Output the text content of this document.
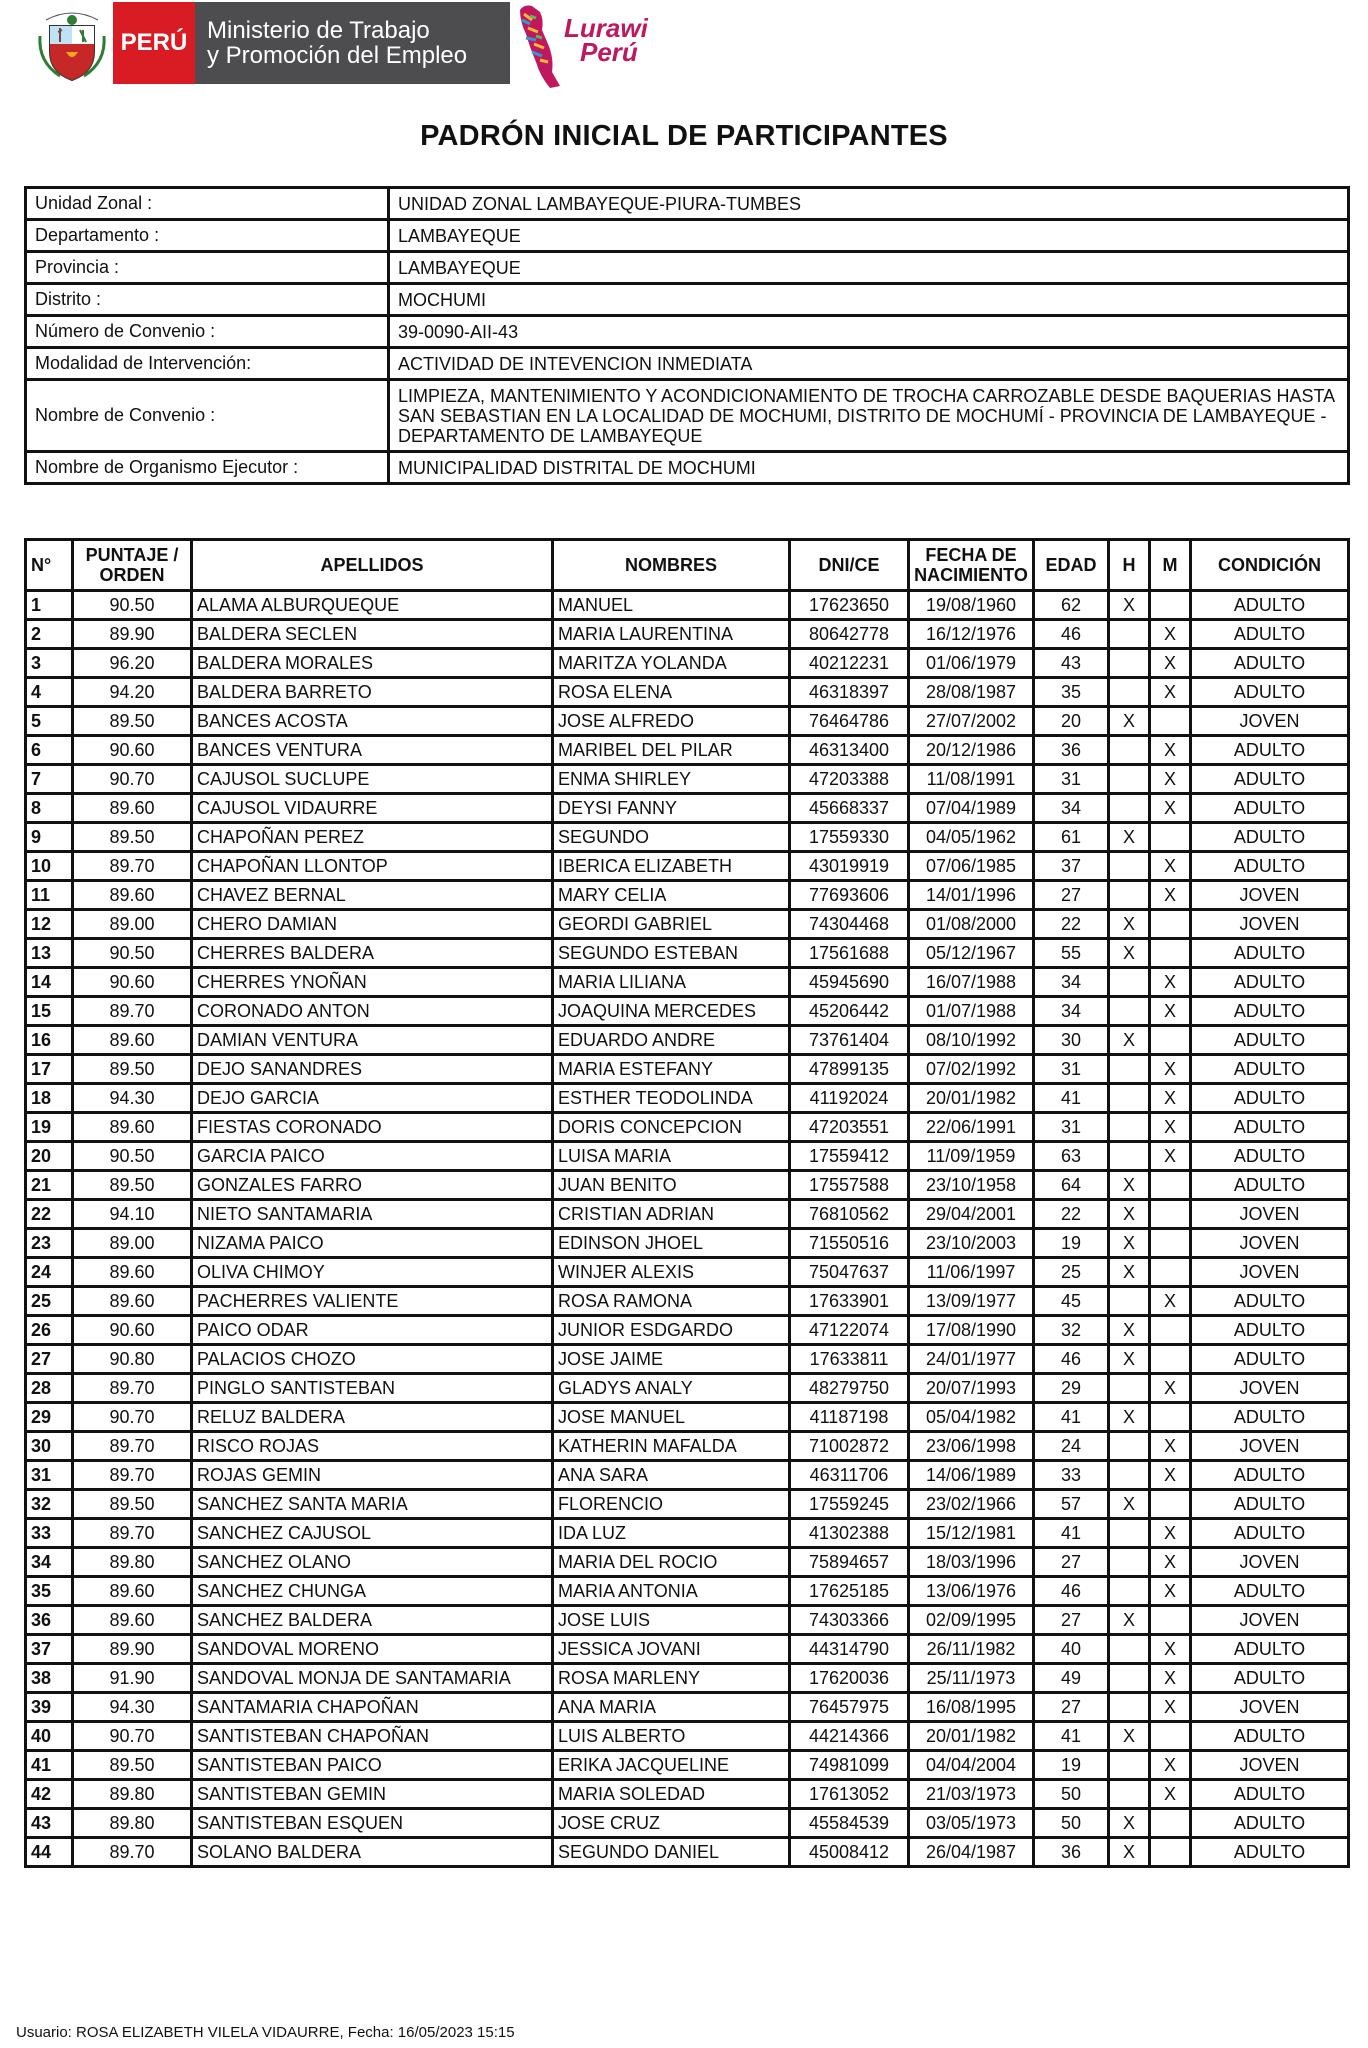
PERÚ Ministerio de Trabajo
y Promoción del Empleo
Lurawi
Perú
PADRÓN INICIAL DE PARTICIPANTES
Unidad Zonal :	UNIDAD ZONAL LAMBAYEQUE-PIURA-TUMBES
Departamento :	LAMBAYEQUE
Provincia :	LAMBAYEQUE
Distrito :	MOCHUMI
Número de Convenio :	39-0090-AII-43
Modalidad de Intervención:	ACTIVIDAD DE INTEVENCION INMEDIATA
Nombre de Convenio :	LIMPIEZA, MANTENIMIENTO Y ACONDICIONAMIENTO DE TROCHA CARROZABLE DESDE BAQUERIAS HASTA SAN SEBASTIAN EN LA LOCALIDAD DE MOCHUMI, DISTRITO DE MOCHUMÍ - PROVINCIA DE LAMBAYEQUE - DEPARTAMENTO DE LAMBAYEQUE
Nombre de Organismo Ejecutor :	MUNICIPALIDAD DISTRITAL DE MOCHUMI
N°	PUNTAJE / ORDEN	APELLIDOS	NOMBRES	DNI/CE	FECHA DE NACIMIENTO	EDAD	H	M	CONDICIÓN
1	90.50	ALAMA ALBURQUEQUE	MANUEL	17623650	19/08/1960	62	X		ADULTO
2	89.90	BALDERA SECLEN	MARIA LAURENTINA	80642778	16/12/1976	46		X	ADULTO
3	96.20	BALDERA MORALES	MARITZA YOLANDA	40212231	01/06/1979	43		X	ADULTO
4	94.20	BALDERA BARRETO	ROSA ELENA	46318397	28/08/1987	35		X	ADULTO
5	89.50	BANCES ACOSTA	JOSE ALFREDO	76464786	27/07/2002	20	X		JOVEN
6	90.60	BANCES VENTURA	MARIBEL DEL PILAR	46313400	20/12/1986	36		X	ADULTO
7	90.70	CAJUSOL SUCLUPE	ENMA SHIRLEY	47203388	11/08/1991	31		X	ADULTO
8	89.60	CAJUSOL VIDAURRE	DEYSI FANNY	45668337	07/04/1989	34		X	ADULTO
9	89.50	CHAPOÑAN PEREZ	SEGUNDO	17559330	04/05/1962	61	X		ADULTO
10	89.70	CHAPOÑAN LLONTOP	IBERICA ELIZABETH	43019919	07/06/1985	37		X	ADULTO
11	89.60	CHAVEZ BERNAL	MARY CELIA	77693606	14/01/1996	27		X	JOVEN
12	89.00	CHERO DAMIAN	GEORDI GABRIEL	74304468	01/08/2000	22	X		JOVEN
13	90.50	CHERRES BALDERA	SEGUNDO ESTEBAN	17561688	05/12/1967	55	X		ADULTO
14	90.60	CHERRES YNOÑAN	MARIA LILIANA	45945690	16/07/1988	34		X	ADULTO
15	89.70	CORONADO ANTON	JOAQUINA MERCEDES	45206442	01/07/1988	34		X	ADULTO
16	89.60	DAMIAN VENTURA	EDUARDO ANDRE	73761404	08/10/1992	30	X		ADULTO
17	89.50	DEJO SANANDRES	MARIA ESTEFANY	47899135	07/02/1992	31		X	ADULTO
18	94.30	DEJO GARCIA	ESTHER TEODOLINDA	41192024	20/01/1982	41		X	ADULTO
19	89.60	FIESTAS CORONADO	DORIS CONCEPCION	47203551	22/06/1991	31		X	ADULTO
20	90.50	GARCIA PAICO	LUISA MARIA	17559412	11/09/1959	63		X	ADULTO
21	89.50	GONZALES FARRO	JUAN BENITO	17557588	23/10/1958	64	X		ADULTO
22	94.10	NIETO SANTAMARIA	CRISTIAN ADRIAN	76810562	29/04/2001	22	X		JOVEN
23	89.00	NIZAMA PAICO	EDINSON JHOEL	71550516	23/10/2003	19	X		JOVEN
24	89.60	OLIVA CHIMOY	WINJER ALEXIS	75047637	11/06/1997	25	X		JOVEN
25	89.60	PACHERRES VALIENTE	ROSA RAMONA	17633901	13/09/1977	45		X	ADULTO
26	90.60	PAICO ODAR	JUNIOR ESDGARDO	47122074	17/08/1990	32	X		ADULTO
27	90.80	PALACIOS CHOZO	JOSE JAIME	17633811	24/01/1977	46	X		ADULTO
28	89.70	PINGLO SANTISTEBAN	GLADYS ANALY	48279750	20/07/1993	29		X	JOVEN
29	90.70	RELUZ BALDERA	JOSE MANUEL	41187198	05/04/1982	41	X		ADULTO
30	89.70	RISCO ROJAS	KATHERIN MAFALDA	71002872	23/06/1998	24		X	JOVEN
31	89.70	ROJAS GEMIN	ANA SARA	46311706	14/06/1989	33		X	ADULTO
32	89.50	SANCHEZ SANTA MARIA	FLORENCIO	17559245	23/02/1966	57	X		ADULTO
33	89.70	SANCHEZ CAJUSOL	IDA LUZ	41302388	15/12/1981	41		X	ADULTO
34	89.80	SANCHEZ OLANO	MARIA DEL ROCIO	75894657	18/03/1996	27		X	JOVEN
35	89.60	SANCHEZ CHUNGA	MARIA ANTONIA	17625185	13/06/1976	46		X	ADULTO
36	89.60	SANCHEZ BALDERA	JOSE LUIS	74303366	02/09/1995	27	X		JOVEN
37	89.90	SANDOVAL MORENO	JESSICA JOVANI	44314790	26/11/1982	40		X	ADULTO
38	91.90	SANDOVAL MONJA DE SANTAMARIA	ROSA MARLENY	17620036	25/11/1973	49		X	ADULTO
39	94.30	SANTAMARIA CHAPOÑAN	ANA MARIA	76457975	16/08/1995	27		X	JOVEN
40	90.70	SANTISTEBAN CHAPOÑAN	LUIS ALBERTO	44214366	20/01/1982	41	X		ADULTO
41	89.50	SANTISTEBAN PAICO	ERIKA JACQUELINE	74981099	04/04/2004	19		X	JOVEN
42	89.80	SANTISTEBAN GEMIN	MARIA SOLEDAD	17613052	21/03/1973	50		X	ADULTO
43	89.80	SANTISTEBAN ESQUEN	JOSE CRUZ	45584539	03/05/1973	50	X		ADULTO
44	89.70	SOLANO BALDERA	SEGUNDO DANIEL	45008412	26/04/1987	36	X		ADULTO
Usuario: ROSA ELIZABETH VILELA VIDAURRE, Fecha: 16/05/2023 15:15
